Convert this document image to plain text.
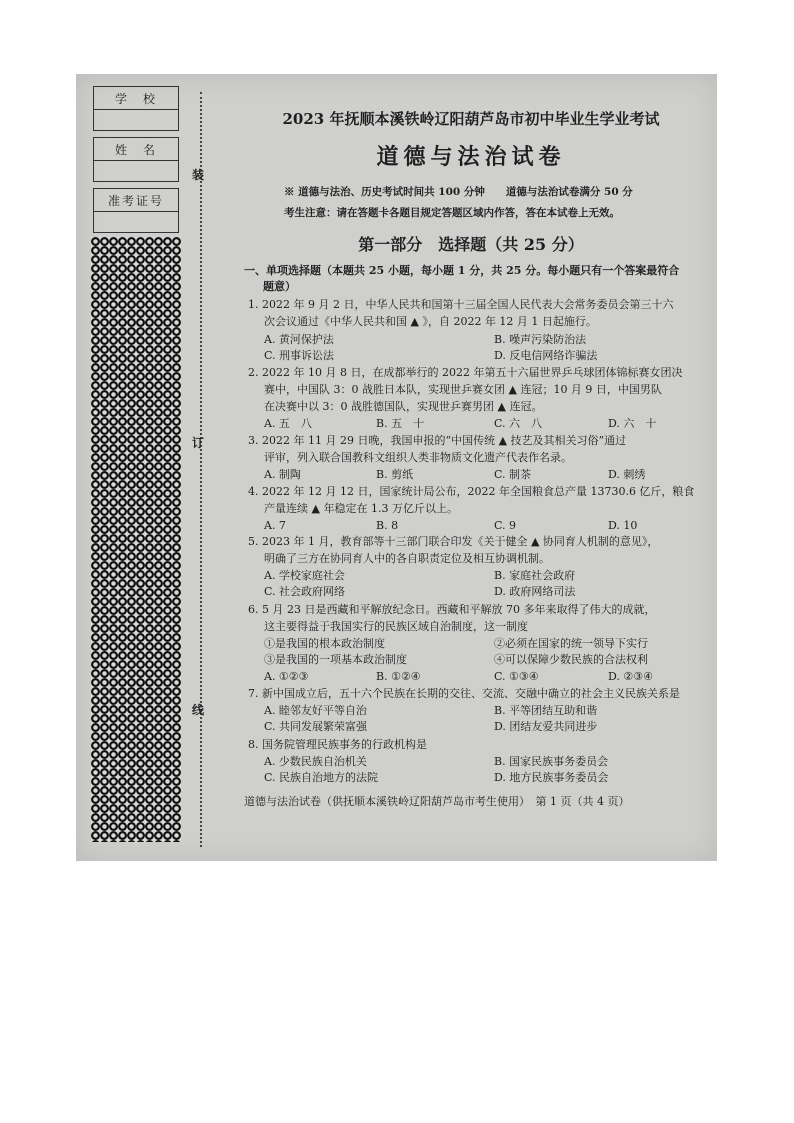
学　校
姓　名
准考证号
装
订
线
2023 年抚顺本溪铁岭辽阳葫芦岛市初中毕业生学业考试
道德与法治试卷
※ 道德与法治、历史考试时间共 100 分钟　　道德与法治试卷满分 50 分
考生注意：请在答题卡各题目规定答题区域内作答，答在本试卷上无效。
第一部分　选择题（共 25 分）
一、单项选择题（本题共 25 小题，每小题 1 分，共 25 分。每小题只有一个答案最符合
题意）
1. 2022 年 9 月 2 日，中华人民共和国第十三届全国人民代表大会常务委员会第三十六
次会议通过《中华人民共和国 ▲ 》，自 2022 年 12 月 1 日起施行。
A. 黄河保护法	B. 噪声污染防治法
C. 刑事诉讼法	D. 反电信网络诈骗法
2. 2022 年 10 月 8 日，在成都举行的 2022 年第五十六届世界乒乓球团体锦标赛女团决
赛中，中国队 3：0 战胜日本队，实现世乒赛女团 ▲ 连冠；10 月 9 日，中国男队
在决赛中以 3：0 战胜德国队，实现世乒赛男团 ▲ 连冠。
A. 五　八	B. 五　十	C. 六　八	D. 六　十
3. 2022 年 11 月 29 日晚，我国申报的“中国传统 ▲ 技艺及其相关习俗”通过
评审，列入联合国教科文组织人类非物质文化遗产代表作名录。
A. 制陶	B. 剪纸	C. 制茶	D. 刺绣
4. 2022 年 12 月 12 日，国家统计局公布，2022 年全国粮食总产量 13730.6 亿斤，粮食
产量连续 ▲ 年稳定在 1.3 万亿斤以上。
A. 7	B. 8	C. 9	D. 10
5. 2023 年 1 月，教育部等十三部门联合印发《关于健全 ▲ 协同育人机制的意见》，
明确了三方在协同育人中的各自职责定位及相互协调机制。
A. 学校家庭社会	B. 家庭社会政府
C. 社会政府网络	D. 政府网络司法
6. 5 月 23 日是西藏和平解放纪念日。西藏和平解放 70 多年来取得了伟大的成就，
这主要得益于我国实行的民族区域自治制度，这一制度
①是我国的根本政治制度	②必须在国家的统一领导下实行
③是我国的一项基本政治制度	④可以保障少数民族的合法权利
A. ①②③	B. ①②④	C. ①③④	D. ②③④
7. 新中国成立后，五十六个民族在长期的交往、交流、交融中确立的社会主义民族关系是
A. 睦邻友好平等自治	B. 平等团结互助和谐
C. 共同发展繁荣富强	D. 团结友爱共同进步
8. 国务院管理民族事务的行政机构是
A. 少数民族自治机关	B. 国家民族事务委员会
C. 民族自治地方的法院	D. 地方民族事务委员会
道德与法治试卷（供抚顺本溪铁岭辽阳葫芦岛市考生使用）　第 1 页（共 4 页）
